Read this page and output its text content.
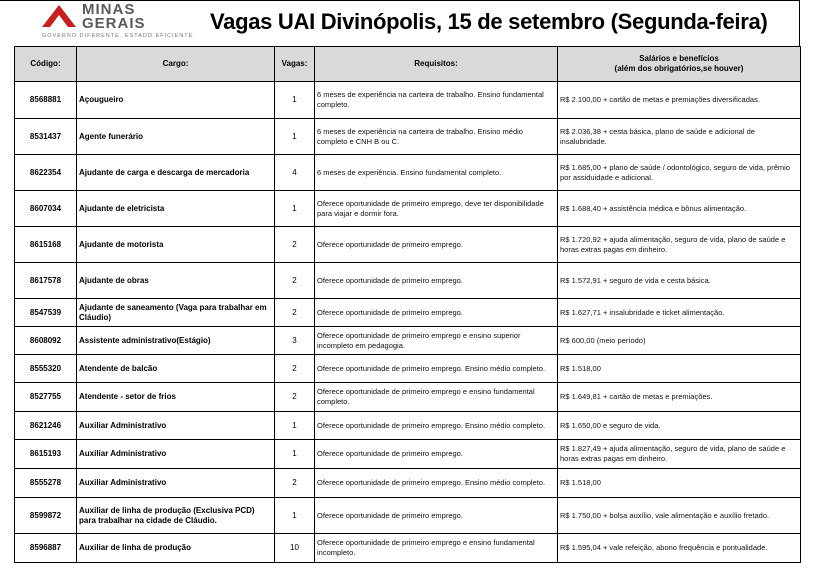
MINAS
GERAIS
GOVERNO DIFERENTE. ESTADO EFICIENTE.
Vagas UAI Divinópolis, 15 de setembro (Segunda-feira)
Código:	Cargo:	Vagas:	Requisitos:	Salários e benefícios
(além dos obrigatórios,se houver)

8568881	Açougueiro	1	6 meses de experiência na carteira de trabalho. Ensino fundamental completo.	R$ 2.100,00 + cartão de metas e premiações diversificadas.
8531437	Agente funerário	1	6 meses de experiência na carteira de trabalho. Ensino médio completo e CNH B ou C.	R$ 2.036,38 + cesta básica, plano de saúde e adicional de insalubridade.
8622354	Ajudante de carga e descarga de mercadoria	4	6 meses de experiência. Ensino fundamental completo.	R$ 1.685,00 + plano de saúde / odontológico, seguro de vida, prêmio por assiduidade e adicional.
8607034	Ajudante de eletricista	1	Oferece oportunidade de primeiro emprego, deve ter disponibilidade para viajar e dormir fora.	R$ 1.688,40 + assistência médica e bônus alimentação.
8615168	Ajudante de motorista	2	Oferece oportunidade de primeiro emprego.	R$ 1.720,92 + ajuda alimentação, seguro de vida, plano de saúde e horas extras pagas em dinheiro.
8617578	Ajudante de obras	2	Oferece oportunidade de primeiro emprego.	R$ 1.572,91 + seguro de vida e cesta básica.
8547539	Ajudante de saneamento (Vaga para trabalhar em Cláudio)	2	Oferece oportunidade de primeiro emprego.	R$ 1.627,71 + insalubridade e ticket alimentação.
8608092	Assistente administrativo(Estágio)	3	Oferece oportunidade de primeiro emprego e ensino superior incompleto em pedagogia.	R$ 600,00 (meio período)
8555320	Atendente de balcão	2	Oferece oportunidade de primeiro emprego. Ensino médio completo.	R$ 1.518,00
8527755	Atendente - setor de frios	2	Oferece oportunidade de primeiro emprego e ensino fundamental completo.	R$ 1.649,81 + cartão de metas e premiações.
8621246	Auxiliar Administrativo	1	Oferece oportunidade de primeiro emprego. Ensino médio completo.	R$ 1.650,00 e seguro de vida.
8615193	Auxiliar Administrativo	1	Oferece oportunidade de primeiro emprego.	R$ 1.827,49 + ajuda alimentação, seguro de vida, plano de saúde e horas extras pagas em dinheiro.
8555278	Auxiliar Administrativo	2	Oferece oportunidade de primeiro emprego. Ensino médio completo.	R$ 1.518,00
8599872	Auxiliar de linha de produção (Exclusiva PCD) para trabalhar na cidade de Cláudio.	1	Oferece oportunidade de primeiro emprego.	R$ 1.750,00 + bolsa auxílio, vale alimentação e auxílio fretado.
8596887	Auxiliar de linha de produção	10	Oferece oportunidade de primeiro emprego e ensino fundamental incompleto.	R$ 1.595,04 + vale refeição, abono frequência e pontualidade.
